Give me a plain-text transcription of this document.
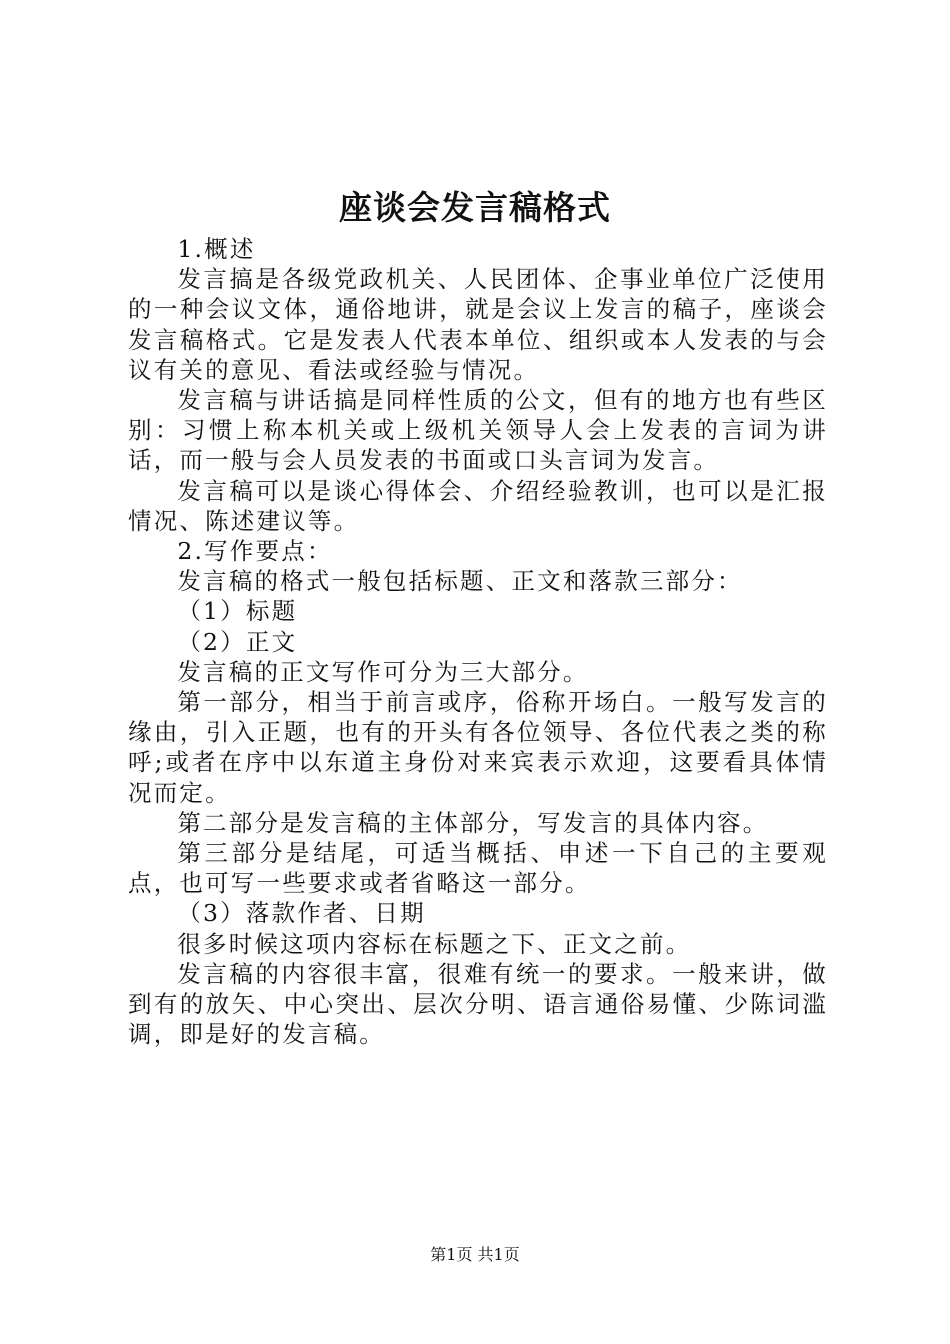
座谈会发言稿格式

1.概述

发言搞是各级党政机关、人民团体、企事业单位广泛使用的一种会议文体，通俗地讲，就是会议上发言的稿子，座谈会发言稿格式。它是发表人代表本单位、组织或本人发表的与会议有关的意见、看法或经验与情况。

发言稿与讲话搞是同样性质的公文，但有的地方也有些区别：习惯上称本机关或上级机关领导人会上发表的言词为讲话，而一般与会人员发表的书面或口头言词为发言。

发言稿可以是谈心得体会、介绍经验教训，也可以是汇报情况、陈述建议等。

2.写作要点：

发言稿的格式一般包括标题、正文和落款三部分：

（1）标题

（2）正文

发言稿的正文写作可分为三大部分。

第一部分，相当于前言或序，俗称开场白。一般写发言的缘由，引入正题，也有的开头有各位领导、各位代表之类的称呼;或者在序中以东道主身份对来宾表示欢迎，这要看具体情况而定。

第二部分是发言稿的主体部分，写发言的具体内容。

第三部分是结尾，可适当概括、申述一下自己的主要观点，也可写一些要求或者省略这一部分。

（3）落款作者、日期

很多时候这项内容标在标题之下、正文之前。

发言稿的内容很丰富，很难有统一的要求。一般来讲，做到有的放矢、中心突出、层次分明、语言通俗易懂、少陈词滥调，即是好的发言稿。

第1页 共1页
